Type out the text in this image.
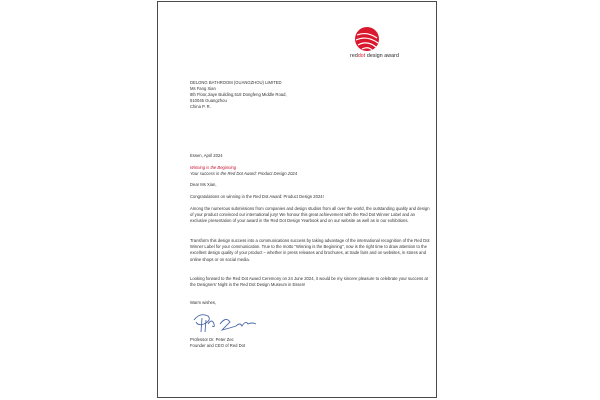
reddot design award
DELONG BATHROOM (GUANGZHOU) LIMITED
Ms Fang Xian
8th Floor,Jiaye Building,518 Dongfeng Middle Road,
510045 Guangzhou
China P. R.
Essen, April 2024
Winning is the Beginning
Your success in the Red Dot Award: Product Design 2024
Dear Ms Xian,
Congratulations on winning in the Red Dot Award: Product Design 2024!
Among the numerous submissions from companies and design studios from all over the world, the outstanding quality and design of your product convinced our international jury! We honour this great achievement with the Red Dot Winner Label and an exclusive presentation of your award in the Red Dot Design Yearbook and on our website as well as in our exhibitions.
Transform this design success into a communications success by taking advantage of the international recognition of the Red Dot Winner Label for your communication. True to the motto "Winning is the Beginning", now is the right time to draw attention to the excellent design quality of your product – whether in press releases and brochures, at trade fairs and on websites, in stores and online shops or on social media.
Looking forward to the Red Dot Award Ceremony on 24 June 2024, it would be my sincere pleasure to celebrate your success at the Designers' Night in the Red Dot Design Museum in Essen!
Warm wishes,
Professor Dr. Peter Zec
Founder and CEO of Red Dot
